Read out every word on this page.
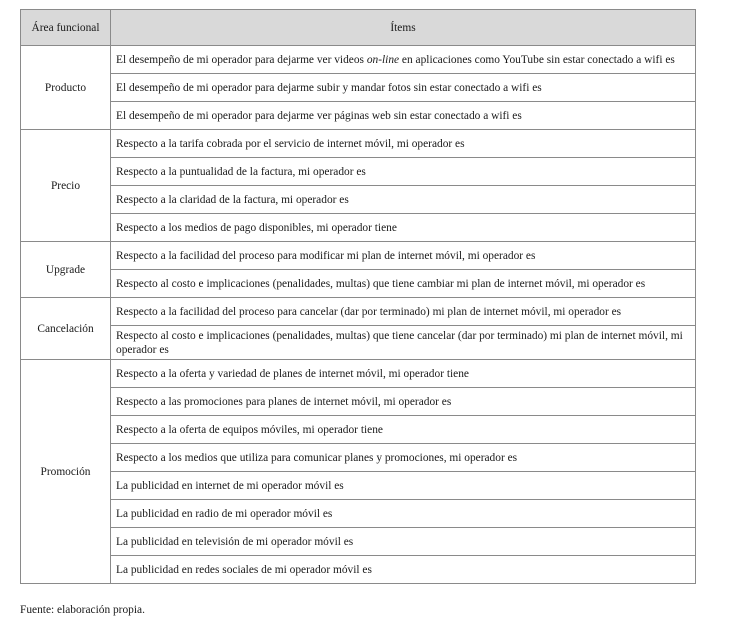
Área funcional	Ítems
Producto	El desempeño de mi operador para dejarme ver videos on-line en aplicaciones como YouTube sin estar conectado a wifi es
	El desempeño de mi operador para dejarme subir y mandar fotos sin estar conectado a wifi es
	El desempeño de mi operador para dejarme ver páginas web sin estar conectado a wifi es
Precio	Respecto a la tarifa cobrada por el servicio de internet móvil, mi operador es
	Respecto a la puntualidad de la factura, mi operador es
	Respecto a la claridad de la factura, mi operador es
	Respecto a los medios de pago disponibles, mi operador tiene
Upgrade	Respecto a la facilidad del proceso para modificar mi plan de internet móvil, mi operador es
	Respecto al costo e implicaciones (penalidades, multas) que tiene cambiar mi plan de internet móvil, mi operador es
Cancelación	Respecto a la facilidad del proceso para cancelar (dar por terminado) mi plan de internet móvil, mi operador es
	Respecto al costo e implicaciones (penalidades, multas) que tiene cancelar (dar por terminado) mi plan de internet móvil, mi operador es
Promoción	Respecto a la oferta y variedad de planes de internet móvil, mi operador tiene
	Respecto a las promociones para planes de internet móvil, mi operador es
	Respecto a la oferta de equipos móviles, mi operador tiene
	Respecto a los medios que utiliza para comunicar planes y promociones, mi operador es
	La publicidad en internet de mi operador móvil es
	La publicidad en radio de mi operador móvil es
	La publicidad en televisión de mi operador móvil es
	La publicidad en redes sociales de mi operador móvil es
Fuente: elaboración propia.
